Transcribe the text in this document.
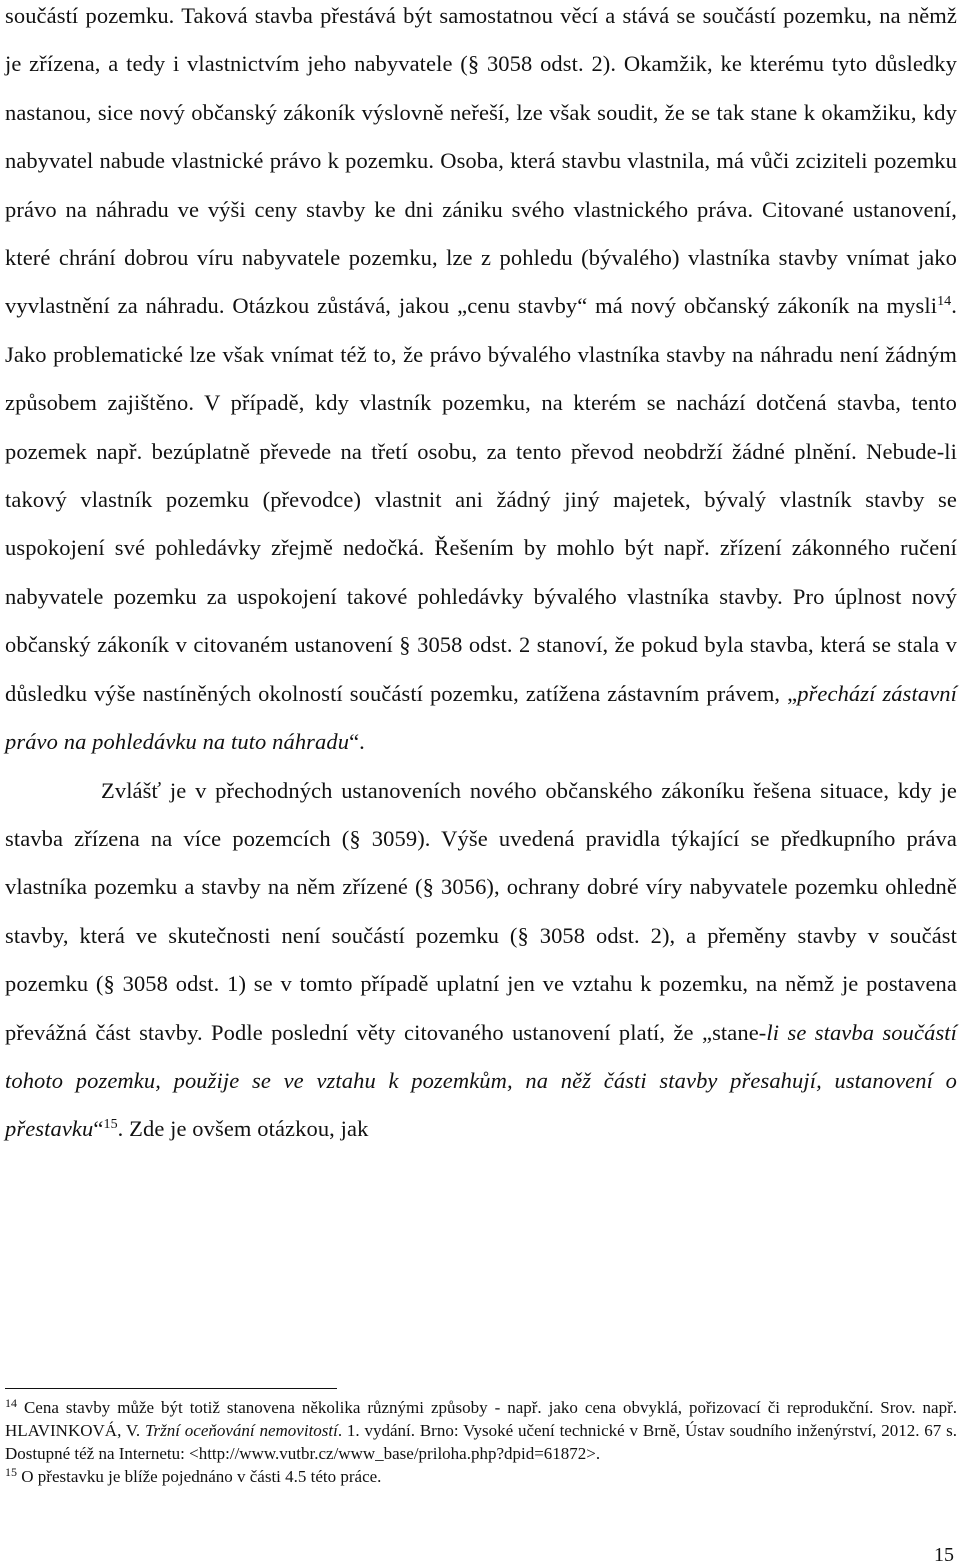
součástí pozemku. Taková stavba přestává být samostatnou věcí a stává se součástí pozemku, na němž je zřízena, a tedy i vlastnictvím jeho nabyvatele (§ 3058 odst. 2). Okamžik, ke kterému tyto důsledky nastanou, sice nový občanský zákoník výslovně neřeší, lze však soudit, že se tak stane k okamžiku, kdy nabyvatel nabude vlastnické právo k pozemku. Osoba, která stavbu vlastnila, má vůči zciziteli pozemku právo na náhradu ve výši ceny stavby ke dni zániku svého vlastnického práva. Citované ustanovení, které chrání dobrou víru nabyvatele pozemku, lze z pohledu (bývalého) vlastníka stavby vnímat jako vyvlastnění za náhradu. Otázkou zůstává, jakou „cenu stavby“ má nový občanský zákoník na mysli$^{14}$. Jako problematické lze však vnímat též to, že právo bývalého vlastníka stavby na náhradu není žádným způsobem zajištěno. V případě, kdy vlastník pozemku, na kterém se nachází dotčená stavba, tento pozemek např. bezúplatně převede na třetí osobu, za tento převod neobdrží žádné plnění. Nebude-li takový vlastník pozemku (převodce) vlastnit ani žádný jiný majetek, bývalý vlastník stavby se uspokojení své pohledávky zřejmě nedočká. Řešením by mohlo být např. zřízení zákonného ručení nabyvatele pozemku za uspokojení takové pohledávky bývalého vlastníka stavby. Pro úplnost nový občanský zákoník v citovaném ustanovení § 3058 odst. 2 stanoví, že pokud byla stavba, která se stala v důsledku výše nastíněných okolností součástí pozemku, zatížena zástavním právem, „přechází zástavní právo na pohledávku na tuto náhradu“.

Zvlášť je v přechodných ustanoveních nového občanského zákoníku řešena situace, kdy je stavba zřízena na více pozemcích (§ 3059). Výše uvedená pravidla týkající se předkupního práva vlastníka pozemku a stavby na něm zřízené (§ 3056), ochrany dobré víry nabyvatele pozemku ohledně stavby, která ve skutečnosti není součástí pozemku (§ 3058 odst. 2), a přeměny stavby v součást pozemku (§ 3058 odst. 1) se v tomto případě uplatní jen ve vztahu k pozemku, na němž je postavena převážná část stavby. Podle poslední věty citovaného ustanovení platí, že „stane-li se stavba součástí tohoto pozemku, použije se ve vztahu k pozemkům, na něž části stavby přesahují, ustanovení o přestavku“$^{15}$. Zde je ovšem otázkou, jak

$^{14}$ Cena stavby může být totiž stanovena několika různými způsoby - např. jako cena obvyklá, pořizovací či reprodukční. Srov. např. HLAVINKOVÁ, V. Tržní oceňování nemovitostí. 1. vydání. Brno: Vysoké učení technické v Brně, Ústav soudního inženýrství, 2012. 67 s. Dostupné též na Internetu: <http://www.vutbr.cz/www_base/priloha.php?dpid=61872>.

$^{15}$ O přestavku je blíže pojednáno v části 4.5 této práce.

15
